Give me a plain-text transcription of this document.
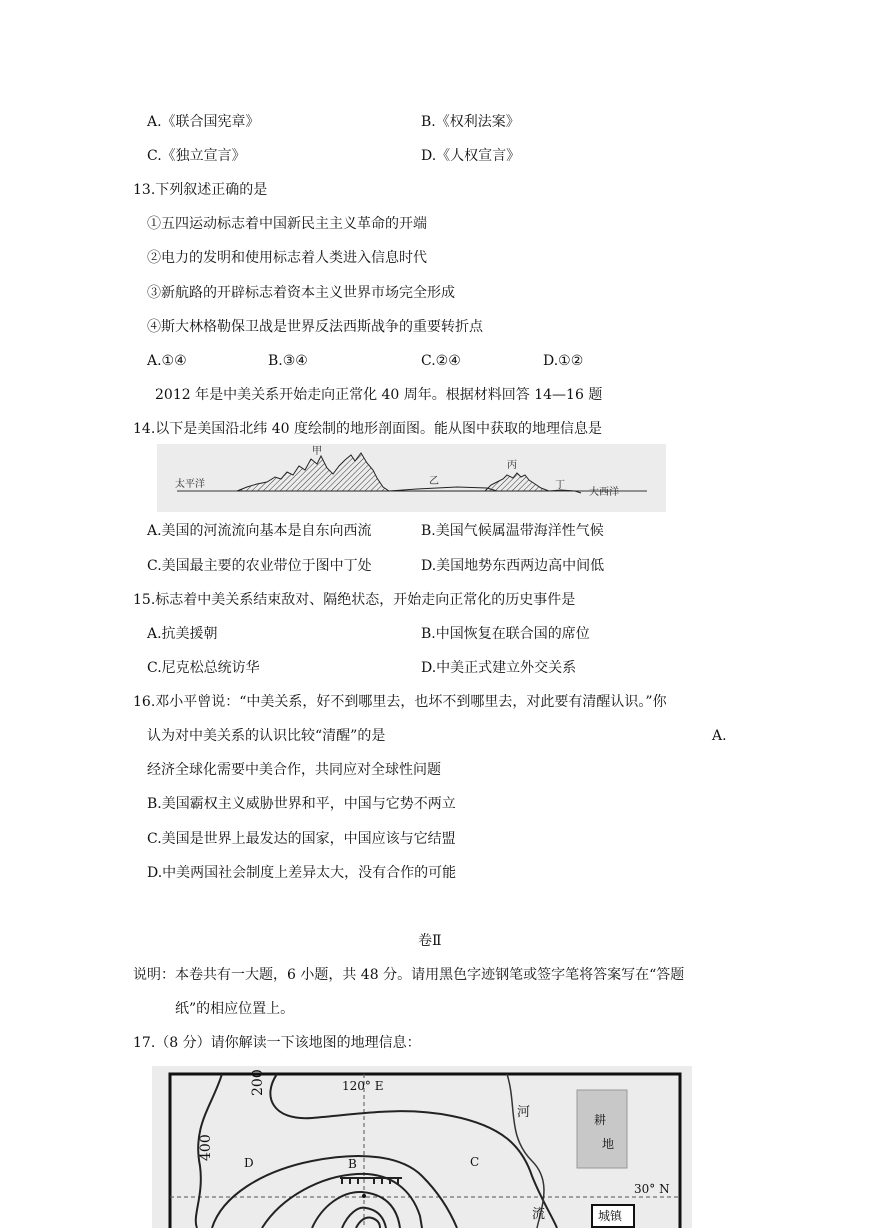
A.《联合国宪章》	B.《权利法案》
C.《独立宣言》	D.《人权宣言》
13.下列叙述正确的是
①五四运动标志着中国新民主主义革命的开端
②电力的发明和使用标志着人类进入信息时代
③新航路的开辟标志着资本主义世界市场完全形成
④斯大林格勒保卫战是世界反法西斯战争的重要转折点
A.①④	B.③④	C.②④	D.①②
2012 年是中美关系开始走向正常化 40 周年。根据材料回答 14—16 题
14.以下是美国沿北纬 40 度绘制的地形剖面图。能从图中获取的地理信息是
太平洋
甲
乙
丙
丁
大西洋
A.美国的河流流向基本是自东向西流	B.美国气候属温带海洋性气候
C.美国最主要的农业带位于图中丁处	D.美国地势东西两边高中间低
15.标志着中美关系结束敌对、隔绝状态，开始走向正常化的历史事件是
A.抗美援朝	B.中国恢复在联合国的席位
C.尼克松总统访华	D.中美正式建立外交关系
16.邓小平曾说：“中美关系，好不到哪里去，也坏不到哪里去，对此要有清醒认识。”你
认为对中美关系的认识比较“清醒”的是	A.
经济全球化需要中美合作，共同应对全球性问题
B.美国霸权主义威胁世界和平，中国与它势不两立
C.美国是世界上最发达的国家，中国应该与它结盟
D.中美两国社会制度上差异太大，没有合作的可能
卷Ⅱ
说明：本卷共有一大题，6 小题，共 48 分。请用黑色字迹钢笔或签字笔将答案写在“答题
纸”的相应位置上。
17.（8 分）请你解读一下该地图的地理信息：
200
400
120° E
30° N
河
流
B	C
D
耕
地
城镇
